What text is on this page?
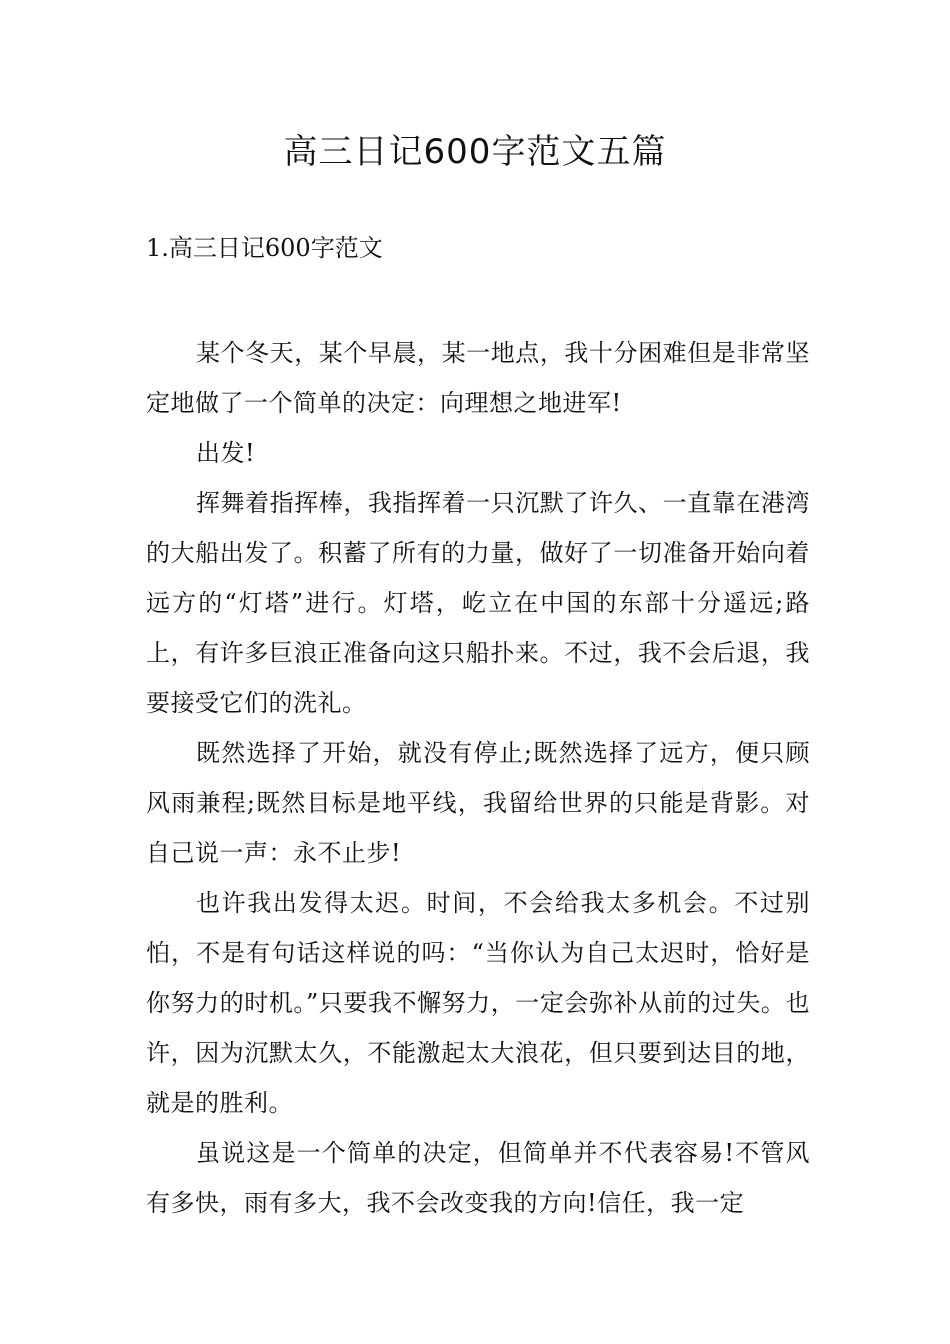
高三日记600字范文五篇
1.高三日记600字范文

某个冬天，某个早晨，某一地点，我十分困难但是非常坚定地做了一个简单的决定：向理想之地进军!

出发!

挥舞着指挥棒，我指挥着一只沉默了许久、一直靠在港湾的大船出发了。积蓄了所有的力量，做好了一切准备开始向着远方的“灯塔”进行。灯塔，屹立在中国的东部十分遥远;路上，有许多巨浪正准备向这只船扑来。不过，我不会后退，我要接受它们的洗礼。

既然选择了开始，就没有停止;既然选择了远方，便只顾风雨兼程;既然目标是地平线，我留给世界的只能是背影。对自己说一声：永不止步!

也许我出发得太迟。时间，不会给我太多机会。不过别怕，不是有句话这样说的吗：“当你认为自己太迟时，恰好是你努力的时机。”只要我不懈努力，一定会弥补从前的过失。也许，因为沉默太久，不能激起太大浪花，但只要到达目的地，就是的胜利。

虽说这是一个简单的决定，但简单并不代表容易!不管风有多快，雨有多大，我不会改变我的方向!信任，我一定
